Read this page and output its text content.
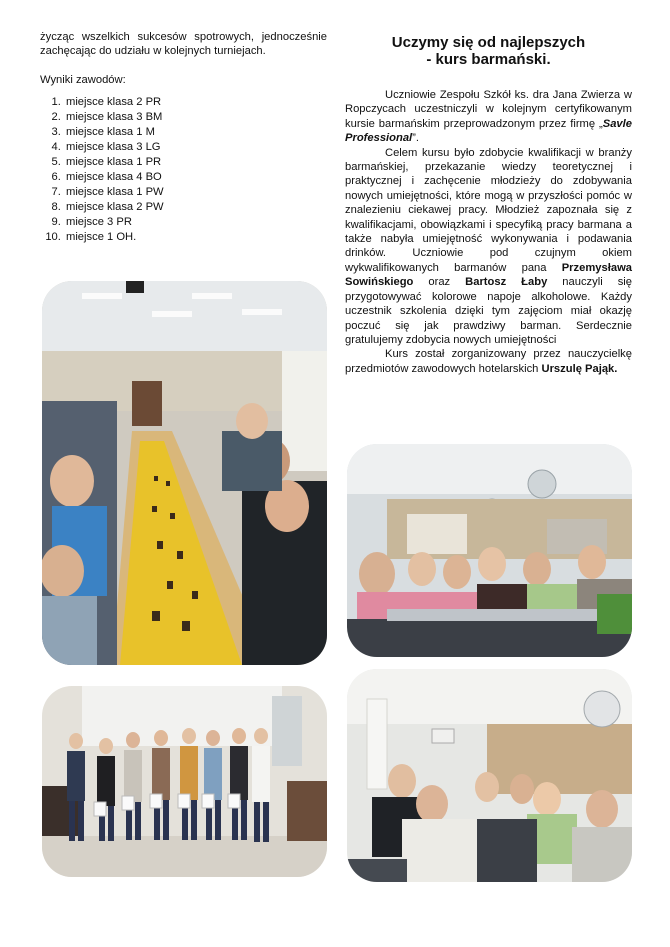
życząc wszelkich sukcesów spotrowych, jednocześnie zachęcając do udziału w kolejnych turniejach.

Wyniki zawodów:

1. miejsce klasa 2 PR
2. miejsce klasa 3 BM
3. miejsce klasa 1 M
4. miejsce klasa 3 LG
5. miejsce klasa 1 PR
6. miejsce klasa 4 BO
7. miejsce klasa 1 PW
8. miejsce klasa 2 PW
9. miejsce 3 PR
10. miejsce 1 OH.
Uczymy się od najlepszych
- kurs barmański.

Uczniowie Zespołu Szkół ks. dra Jana Zwierza w Ropczycach uczestniczyli w kolejnym certyfikowanym kursie barmańskim przeprowadzonym przez firmę „Savle Professional”.

Celem kursu było zdobycie kwalifikacji w branży barmańskiej, przekazanie wiedzy teoretycznej i praktycznej i zachęcenie młodzieży do zdobywania nowych umiejętności, które mogą w przyszłości pomóc w znalezieniu ciekawej pracy. Młodzież zapoznała się z kwalifikacjami, obowiązkami i specyfiką pracy barmana a także nabyła umiejętność wykonywania i podawania drinków. Uczniowie pod czujnym okiem wykwalifikowanych barmanów pana Przemysława Sowińskiego oraz Bartosz Łaby nauczyli się przygotowywać kolorowe napoje alkoholowe. Każdy uczestnik szkolenia dzięki tym zajęciom miał okazję poczuć się jak prawdziwy barman. Serdecznie gratulujemy zdobycia nowych umiejętności

Kurs został zorganizowany przez nauczycielkę przedmiotów zawodowych hotelarskich Urszulę Pająk.
